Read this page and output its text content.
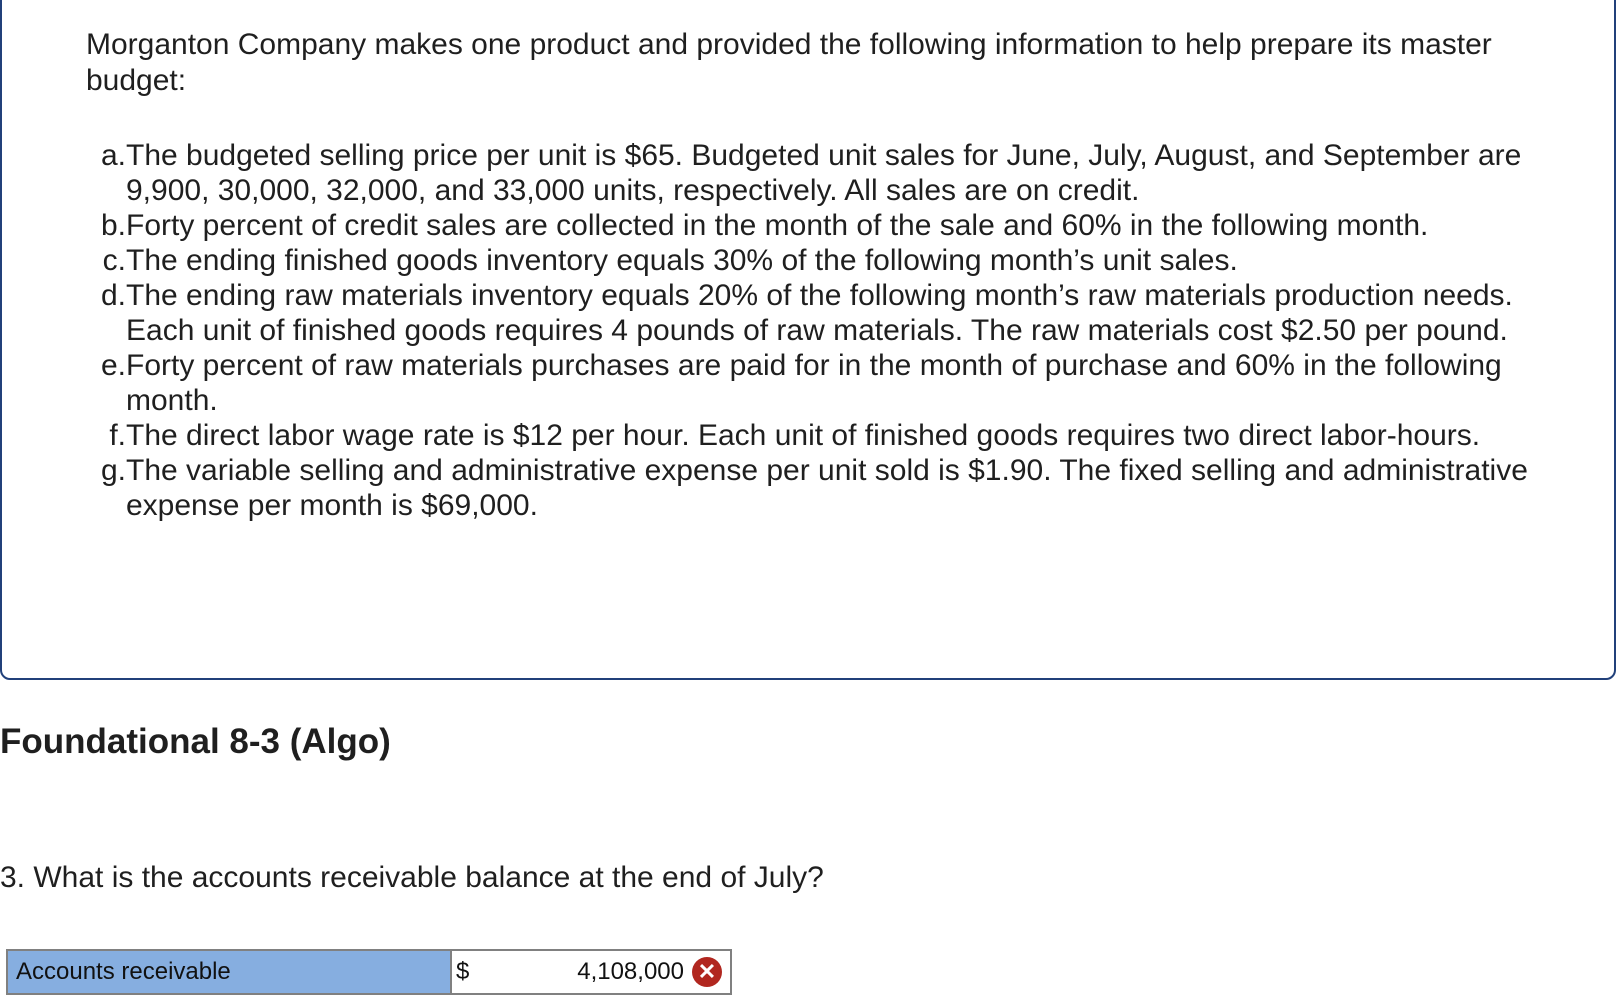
Morganton Company makes one product and provided the following information to help prepare its master budget:

a. The budgeted selling price per unit is $65. Budgeted unit sales for June, July, August, and September are 9,900, 30,000, 32,000, and 33,000 units, respectively. All sales are on credit.
b. Forty percent of credit sales are collected in the month of the sale and 60% in the following month.
c. The ending finished goods inventory equals 30% of the following month’s unit sales.
d. The ending raw materials inventory equals 20% of the following month’s raw materials production needs. Each unit of finished goods requires 4 pounds of raw materials. The raw materials cost $2.50 per pound.
e. Forty percent of raw materials purchases are paid for in the month of purchase and 60% in the following month.
f. The direct labor wage rate is $12 per hour. Each unit of finished goods requires two direct labor-hours.
g. The variable selling and administrative expense per unit sold is $1.90. The fixed selling and administrative expense per month is $69,000.
Foundational 8-3 (Algo)

3. What is the accounts receivable balance at the end of July?

Accounts receivable	$
4,108,000	✕
